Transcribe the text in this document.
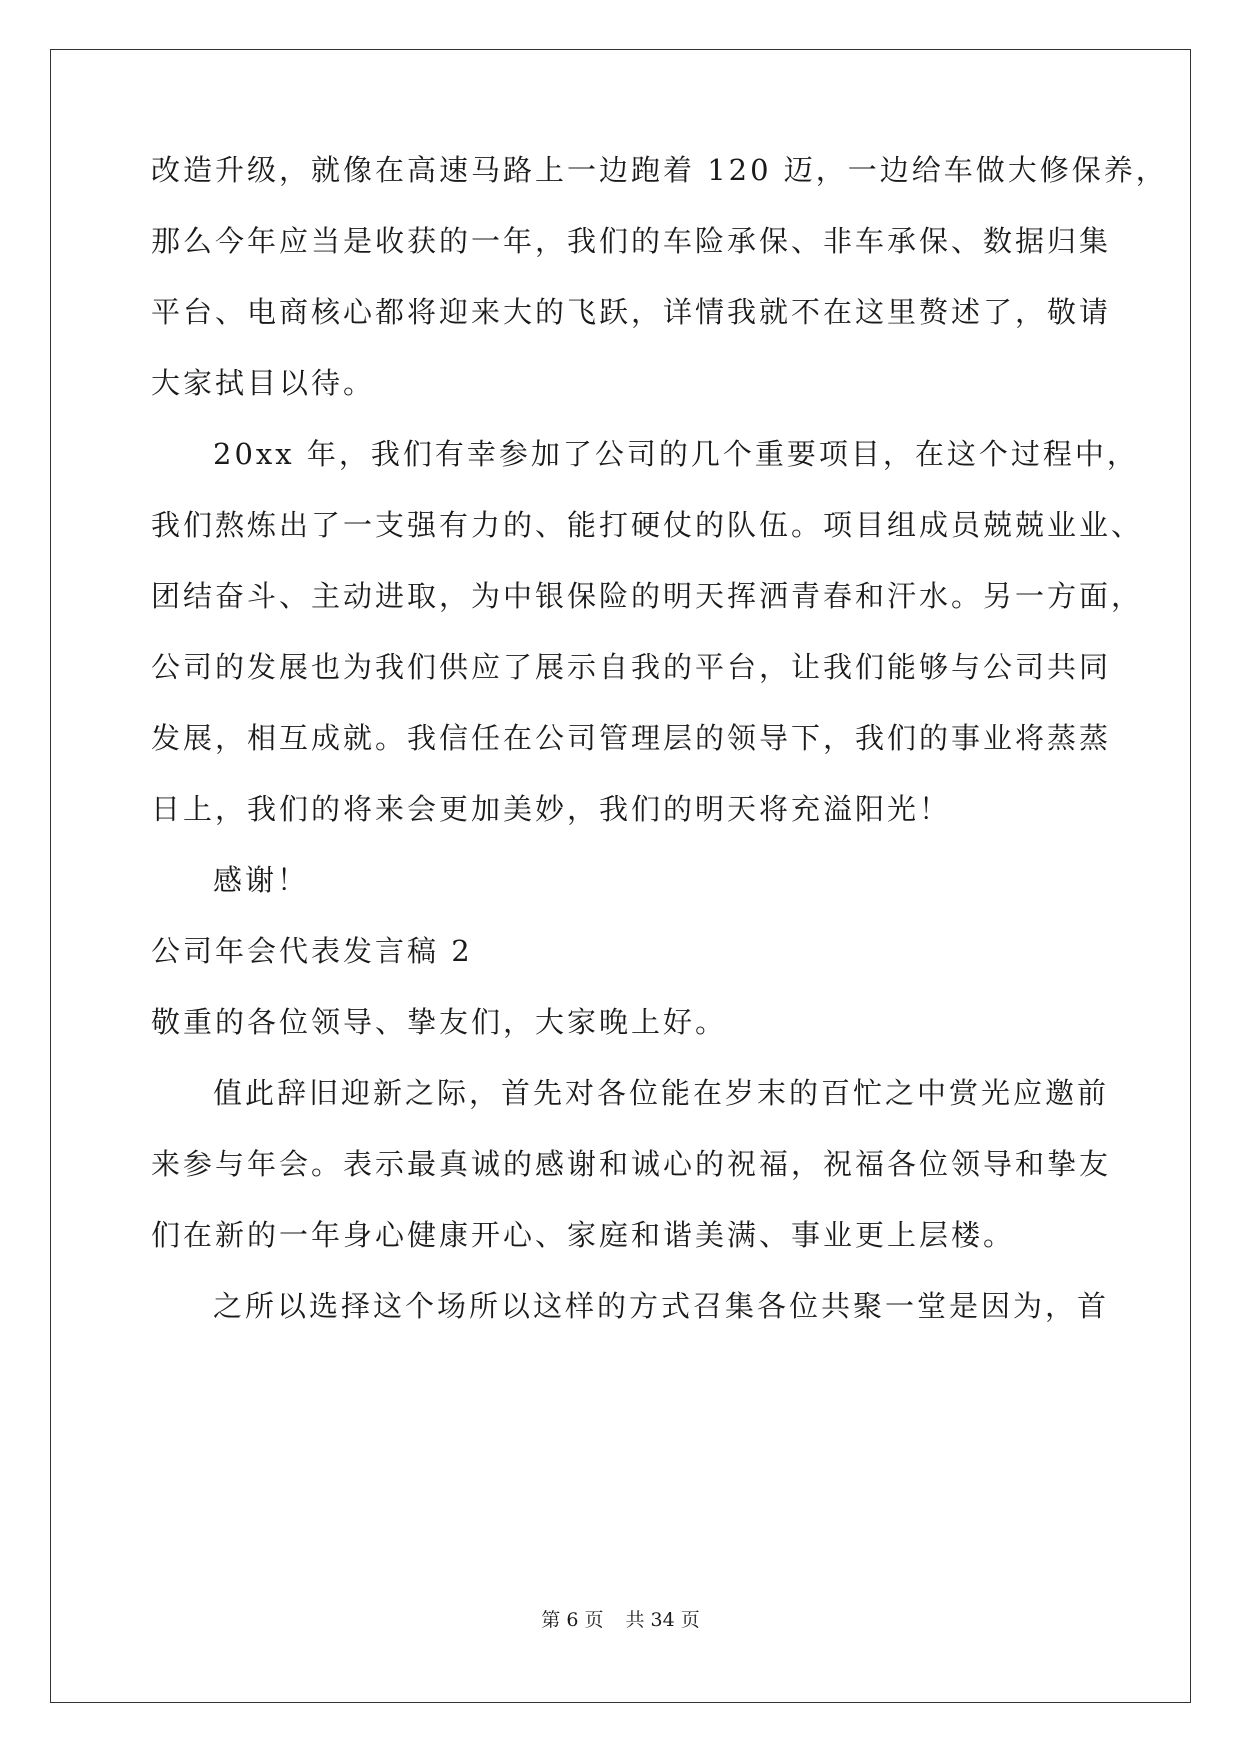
改造升级，就像在高速马路上一边跑着 120 迈，一边给车做大修保养，
那么今年应当是收获的一年，我们的车险承保、非车承保、数据归集
平台、电商核心都将迎来大的飞跃，详情我就不在这里赘述了，敬请
大家拭目以待。
20xx 年，我们有幸参加了公司的几个重要项目，在这个过程中，
我们熬炼出了一支强有力的、能打硬仗的队伍。项目组成员兢兢业业、
团结奋斗、主动进取，为中银保险的明天挥洒青春和汗水。另一方面，
公司的发展也为我们供应了展示自我的平台，让我们能够与公司共同
发展，相互成就。我信任在公司管理层的领导下，我们的事业将蒸蒸
日上，我们的将来会更加美妙，我们的明天将充溢阳光！
感谢！
公司年会代表发言稿 2
敬重的各位领导、挚友们，大家晚上好。
值此辞旧迎新之际，首先对各位能在岁末的百忙之中赏光应邀前
来参与年会。表示最真诚的感谢和诚心的祝福，祝福各位领导和挚友
们在新的一年身心健康开心、家庭和谐美满、事业更上层楼。
之所以选择这个场所以这样的方式召集各位共聚一堂是因为，首
第 6 页 共 34 页
